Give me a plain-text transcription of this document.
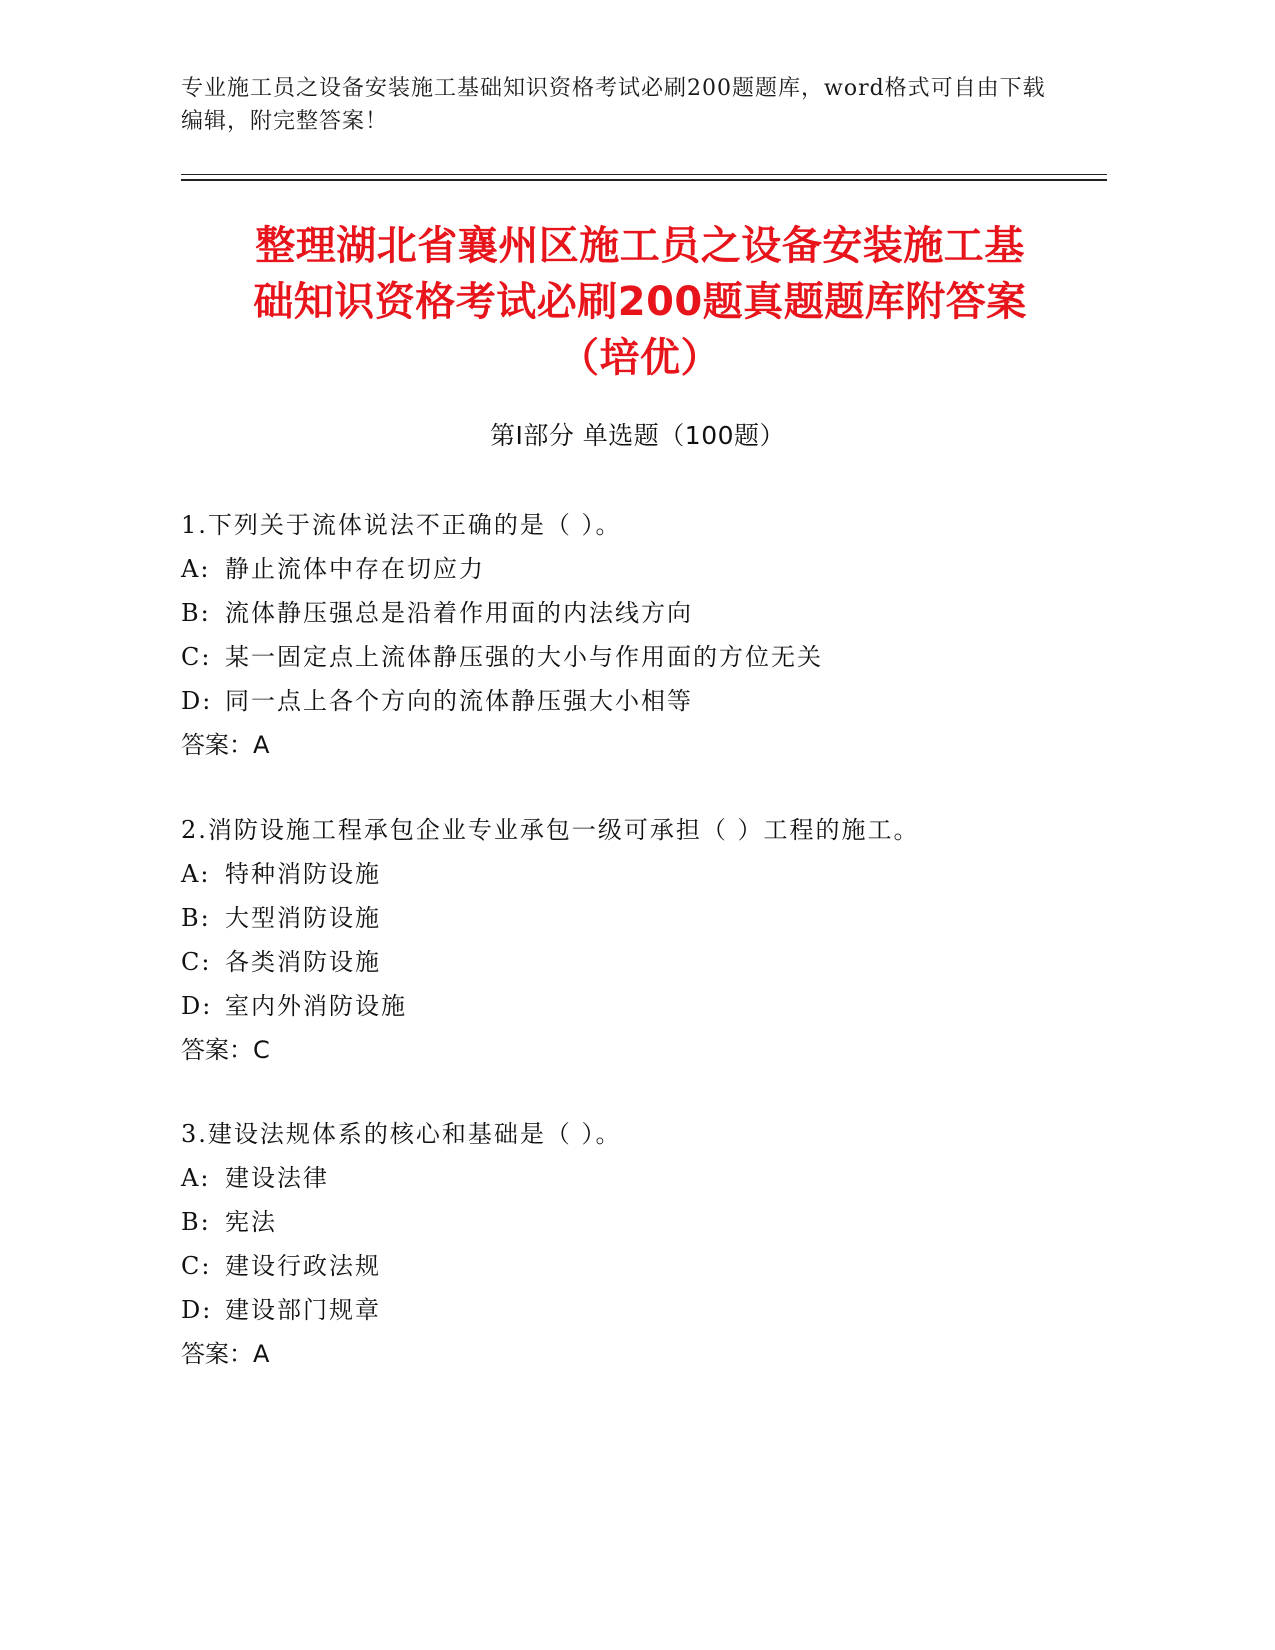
专业施工员之设备安装施工基础知识资格考试必刷200题题库，word格式可自由下载编辑，附完整答案！
整理湖北省襄州区施工员之设备安装施工基
础知识资格考试必刷200题真题题库附答案
（培优）
第Ⅰ部分 单选题（100题）
1.下列关于流体说法不正确的是（ ）。
A: 静止流体中存在切应力
B: 流体静压强总是沿着作用面的内法线方向
C: 某一固定点上流体静压强的大小与作用面的方位无关
D: 同一点上各个方向的流体静压强大小相等
答案：A
2.消防设施工程承包企业专业承包一级可承担（ ）工程的施工。
A: 特种消防设施
B: 大型消防设施
C: 各类消防设施
D: 室内外消防设施
答案：C
3.建设法规体系的核心和基础是（ ）。
A: 建设法律
B: 宪法
C: 建设行政法规
D: 建设部门规章
答案：A
